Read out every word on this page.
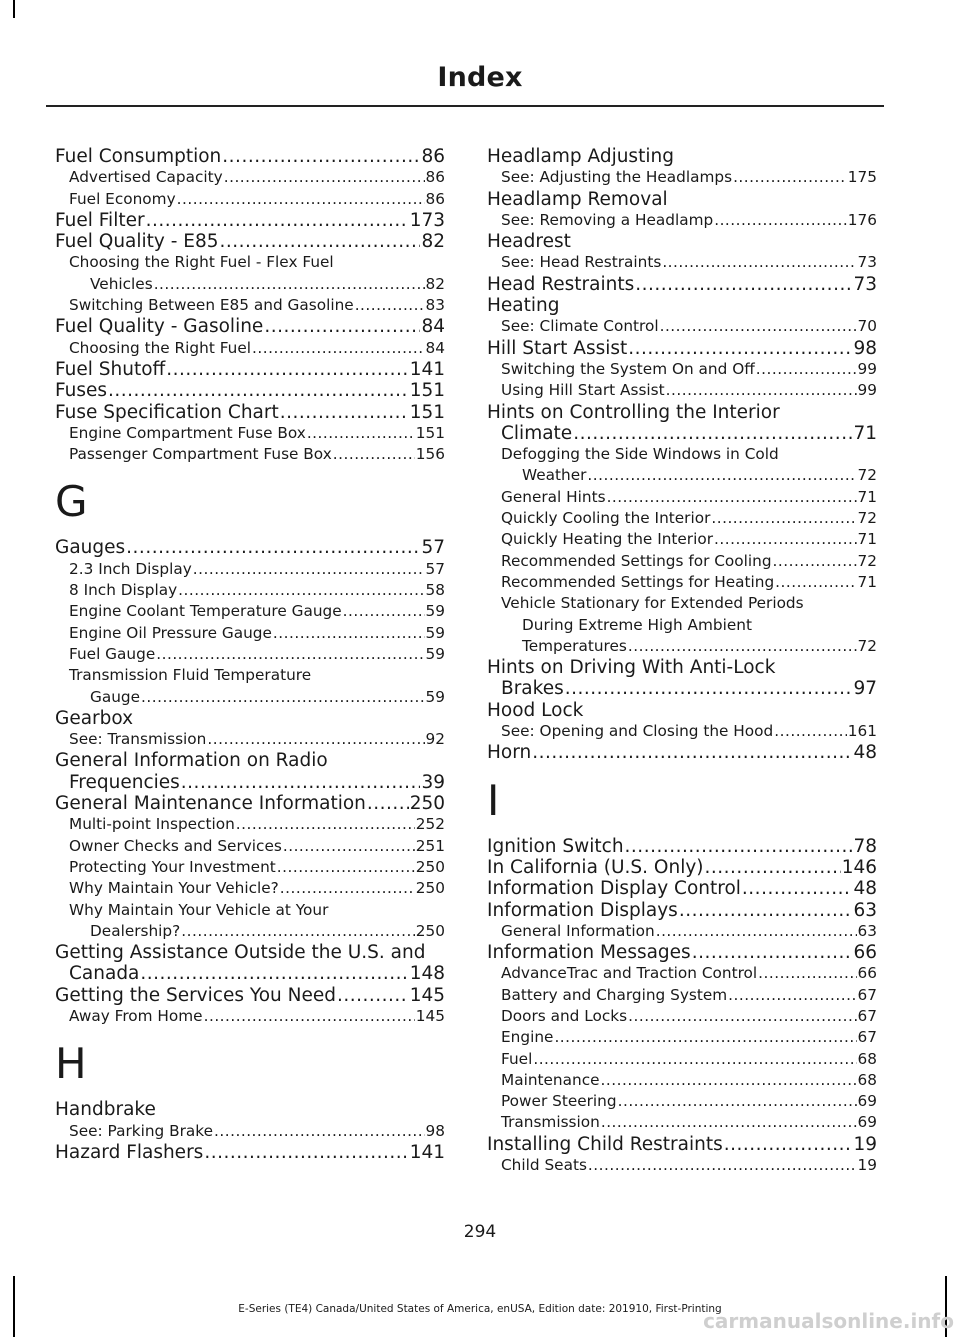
Index
Fuel Consumption .....	86
Advertised Capacity .....	86
Fuel Economy .....	86
Fuel Filter .....	173
Fuel Quality - E85 .....	82
Choosing the Right Fuel - Flex Fuel
Vehicles .....	82
Switching Between E85 and Gasoline .....	83
Fuel Quality - Gasoline .....	84
Choosing the Right Fuel .....	84
Fuel Shutoff .....	141
Fuses .....	151
Fuse Specification Chart .....	151
Engine Compartment Fuse Box .....	151
Passenger Compartment Fuse Box .....	156
G
Gauges .....	57
2.3 Inch Display .....	57
8 Inch Display .....	58
Engine Coolant Temperature Gauge .....	59
Engine Oil Pressure Gauge .....	59
Fuel Gauge .....	59
Transmission Fluid Temperature
Gauge .....	59
Gearbox
See: Transmission .....	92
General Information on Radio
Frequencies .....	39
General Maintenance Information ..... 250
Multi-point Inspection .....	252
Owner Checks and Services .....	251
Protecting Your Investment .....	250
Why Maintain Your Vehicle? .....	250
Why Maintain Your Vehicle at Your
Dealership? .....	250
Getting Assistance Outside the U.S. and
Canada .....	148
Getting the Services You Need .....	145
Away From Home .....	145
H
Handbrake
See: Parking Brake .....	98
Hazard Flashers .....	141
Headlamp Adjusting
See: Adjusting the Headlamps .....	175
Headlamp Removal
See: Removing a Headlamp .....	176
Headrest
See: Head Restraints .....	73
Head Restraints .....	73
Heating
See: Climate Control .....	70
Hill Start Assist .....	98
Switching the System On and Off .....	99
Using Hill Start Assist .....	99
Hints on Controlling the Interior
Climate .....	71
Defogging the Side Windows in Cold
Weather .....	72
General Hints .....	71
Quickly Cooling the Interior .....	72
Quickly Heating the Interior .....	71
Recommended Settings for Cooling .....	72
Recommended Settings for Heating .....	71
Vehicle Stationary for Extended Periods
During Extreme High Ambient
Temperatures .....	72
Hints on Driving With Anti-Lock
Brakes .....	97
Hood Lock
See: Opening and Closing the Hood .....	161
Horn .....	48
I
Ignition Switch .....	78
In California (U.S. Only) .....	146
Information Display Control .....	48
Information Displays .....	63
General Information .....	63
Information Messages .....	66
AdvanceTrac and Traction Control .....	66
Battery and Charging System .....	67
Doors and Locks .....	67
Engine .....	67
Fuel .....	68
Maintenance .....	68
Power Steering .....	69
Transmission .....	69
Installing Child Restraints .....	19
Child Seats .....	19
294
E-Series (TE4) Canada/United States of America, enUSA, Edition date: 201910, First-Printing
carmanualsonline.info
